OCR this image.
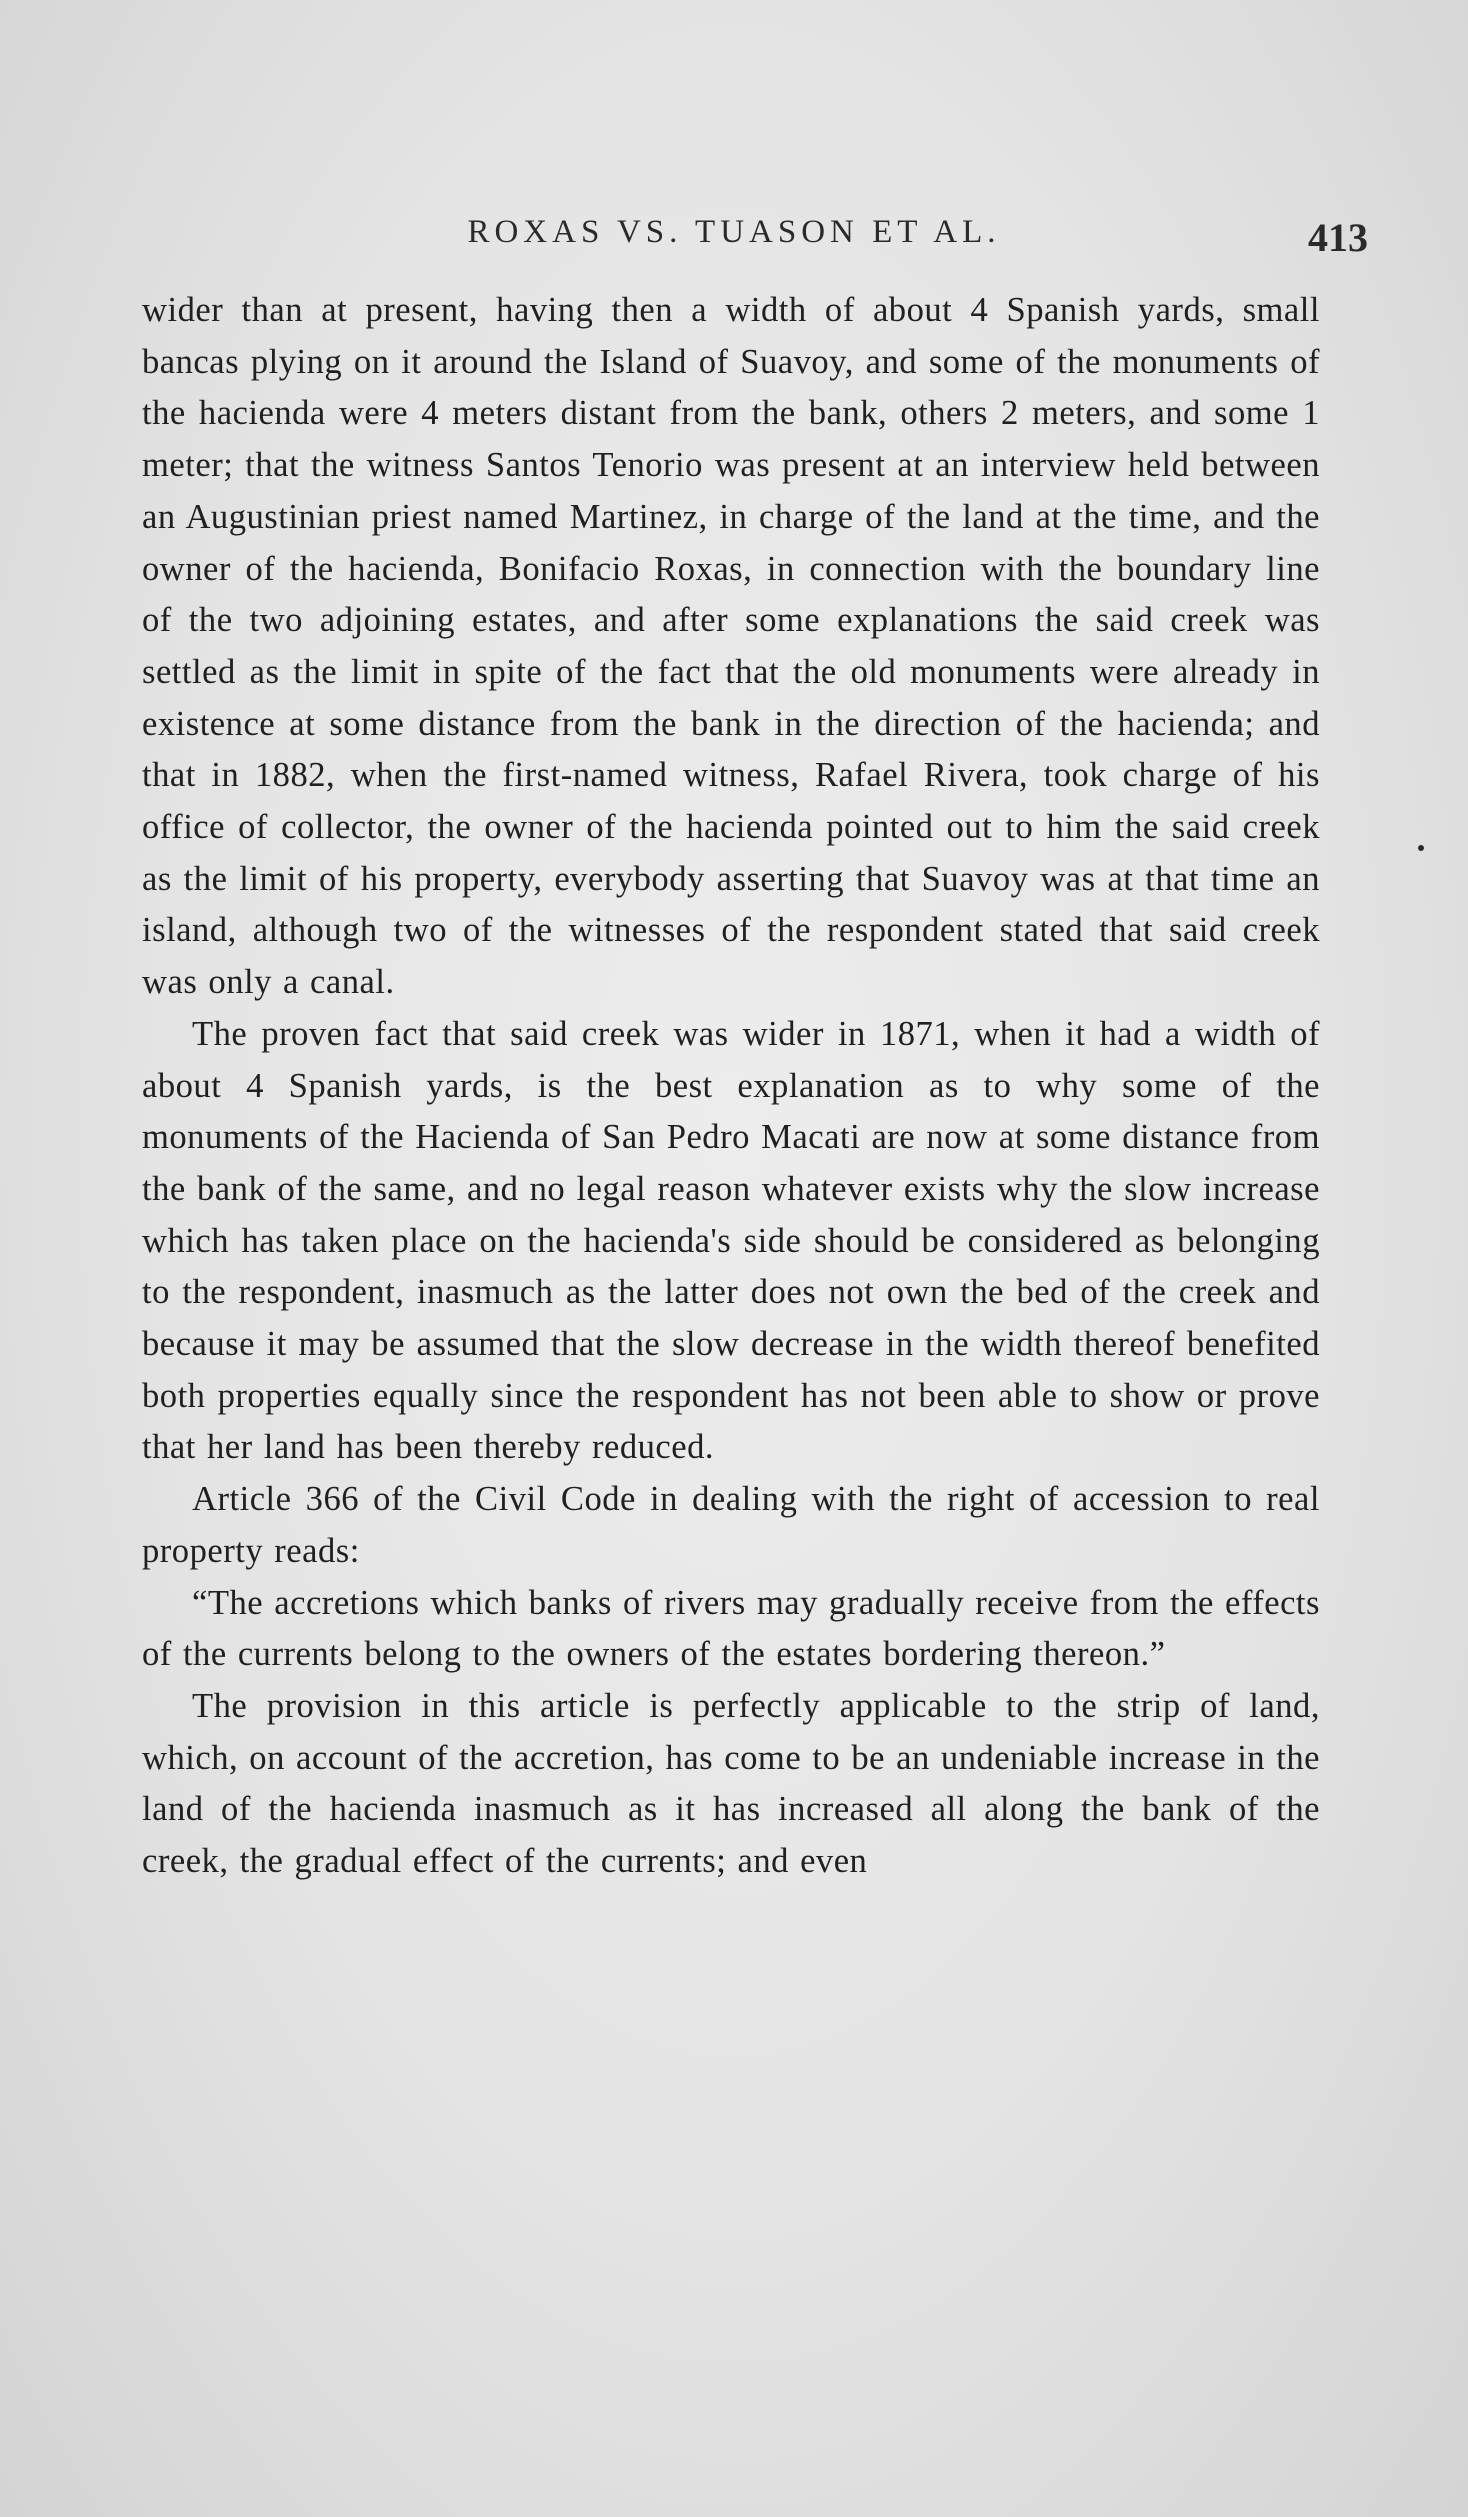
ROXAS VS. TUASON ET AL.	413

wider than at present, having then a width of about 4 Spanish yards, small bancas plying on it around the Island of Suavoy, and some of the monuments of the hacienda were 4 meters distant from the bank, others 2 meters, and some 1 meter; that the witness Santos Tenorio was present at an interview held between an Augustinian priest named Martinez, in charge of the land at the time, and the owner of the hacienda, Bonifacio Roxas, in connection with the boundary line of the two adjoining estates, and after some explanations the said creek was settled as the limit in spite of the fact that the old monuments were already in existence at some distance from the bank in the direction of the hacienda; and that in 1882, when the first-named witness, Rafael Rivera, took charge of his office of collector, the owner of the hacienda pointed out to him the said creek as the limit of his property, everybody asserting that Suavoy was at that time an island, although two of the witnesses of the respondent stated that said creek was only a canal.

The proven fact that said creek was wider in 1871, when it had a width of about 4 Spanish yards, is the best explanation as to why some of the monuments of the Hacienda of San Pedro Macati are now at some distance from the bank of the same, and no legal reason whatever exists why the slow increase which has taken place on the hacienda's side should be considered as belonging to the respondent, inasmuch as the latter does not own the bed of the creek and because it may be assumed that the slow decrease in the width thereof benefited both properties equally since the respondent has not been able to show or prove that her land has been thereby reduced.

Article 366 of the Civil Code in dealing with the right of accession to real property reads:

“The accretions which banks of rivers may gradually receive from the effects of the currents belong to the owners of the estates bordering thereon.”

The provision in this article is perfectly applicable to the strip of land, which, on account of the accretion, has come to be an undeniable increase in the land of the hacienda inasmuch as it has increased all along the bank of the creek, the gradual effect of the currents; and even
